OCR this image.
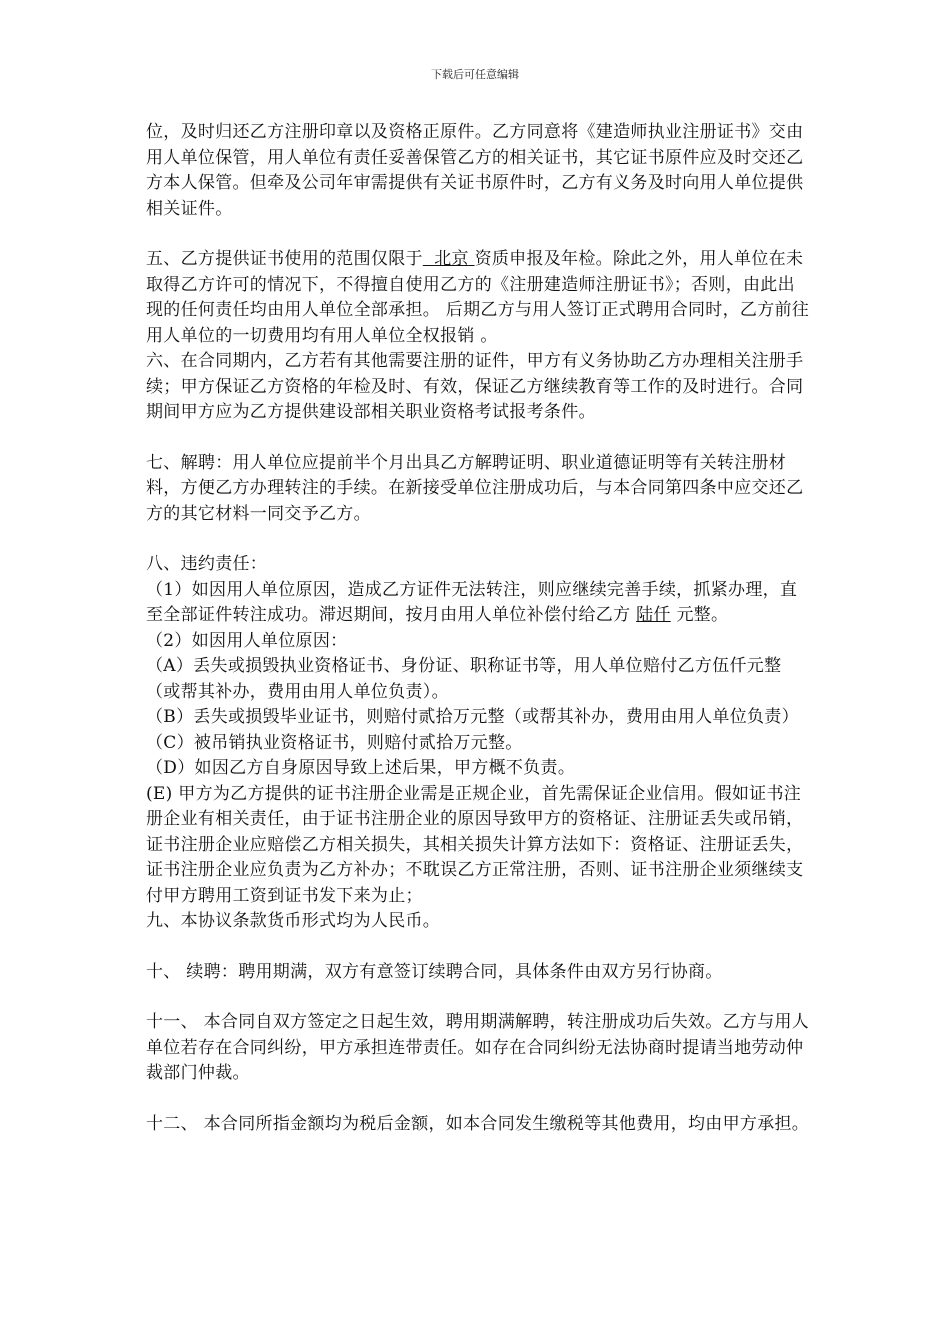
下载后可任意编辑

位，及时归还乙方注册印章以及资格正原件。乙方同意将《建造师执业注册证书》交由用人单位保管，用人单位有责任妥善保管乙方的相关证书，其它证书原件应及时交还乙方本人保管。但牵及公司年审需提供有关证书原件时，乙方有义务及时向用人单位提供相关证件。

五、乙方提供证书使用的范围仅限于 北京 资质申报及年检。除此之外，用人单位在未取得乙方许可的情况下，不得擅自使用乙方的《注册建造师注册证书》；否则，由此出现的任何责任均由用人单位全部承担。 后期乙方与用人签订正式聘用合同时，乙方前往用人单位的一切费用均有用人单位全权报销 。

六、在合同期内，乙方若有其他需要注册的证件，甲方有义务协助乙方办理相关注册手续；甲方保证乙方资格的年检及时、有效，保证乙方继续教育等工作的及时进行。合同期间甲方应为乙方提供建设部相关职业资格考试报考条件。

七、解聘：用人单位应提前半个月出具乙方解聘证明、职业道德证明等有关转注册材料，方便乙方办理转注的手续。在新接受单位注册成功后，与本合同第四条中应交还乙方的其它材料一同交予乙方。

八、违约责任：

（1）如因用人单位原因，造成乙方证件无法转注，则应继续完善手续，抓紧办理，直至全部证件转注成功。滞迟期间，按月由用人单位补偿付给乙方 陆仟 元整。

（2）如因用人单位原因：

（A）丢失或损毁执业资格证书、身份证、职称证书等，用人单位赔付乙方伍仟元整（或帮其补办，费用由用人单位负责）。

（B）丢失或损毁毕业证书，则赔付贰拾万元整（或帮其补办，费用由用人单位负责）

（C）被吊销执业资格证书，则赔付贰拾万元整。

（D）如因乙方自身原因导致上述后果，甲方概不负责。

(E) 甲方为乙方提供的证书注册企业需是正规企业，首先需保证企业信用。假如证书注册企业有相关责任，由于证书注册企业的原因导致甲方的资格证、注册证丢失或吊销，证书注册企业应赔偿乙方相关损失，其相关损失计算方法如下：资格证、注册证丢失，证书注册企业应负责为乙方补办；不耽误乙方正常注册，否则、证书注册企业须继续支付甲方聘用工资到证书发下来为止；

九、本协议条款货币形式均为人民币。

十、 续聘：聘用期满，双方有意签订续聘合同，具体条件由双方另行协商。

十一、 本合同自双方签定之日起生效，聘用期满解聘，转注册成功后失效。乙方与用人单位若存在合同纠纷，甲方承担连带责任。如存在合同纠纷无法协商时提请当地劳动仲裁部门仲裁。

十二、 本合同所指金额均为税后金额，如本合同发生缴税等其他费用，均由甲方承担。
